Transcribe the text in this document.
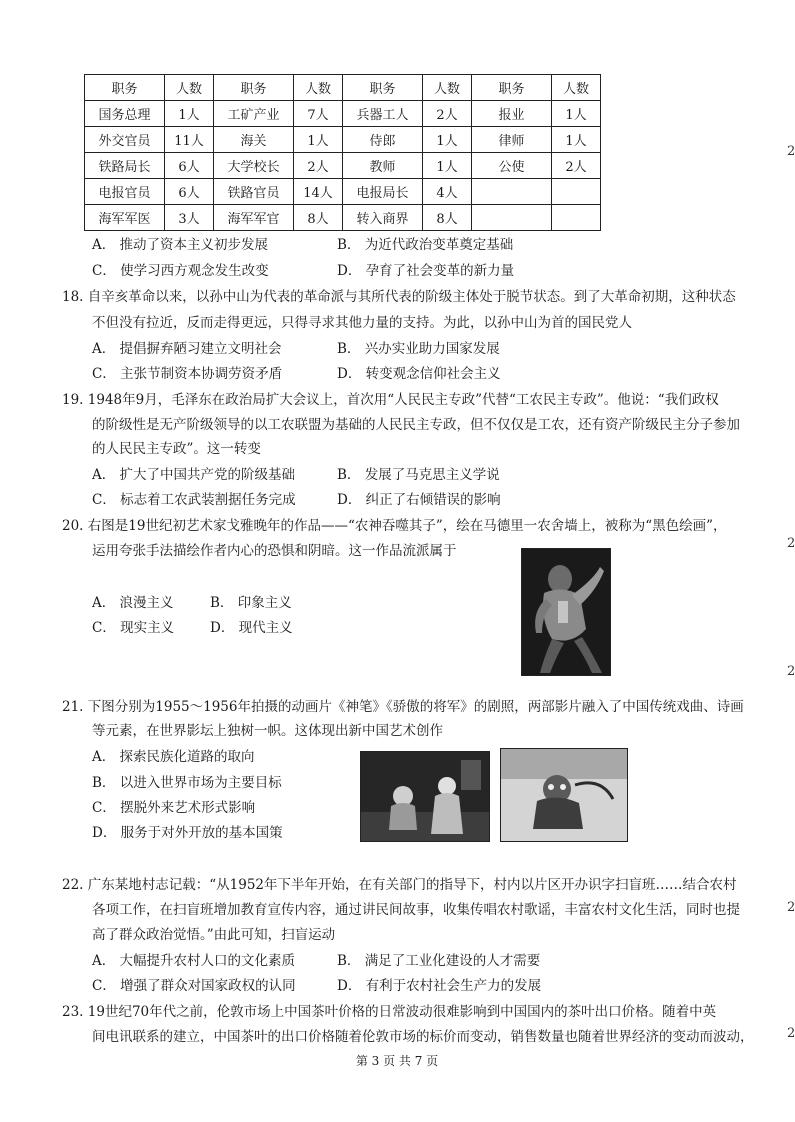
职务	人数	职务	人数	职务	人数	职务	人数
国务总理	1人	工矿产业	7人	兵器工人	2人	报业	1人
外交官员	11人	海关	1人	侍郎	1人	律师	1人
铁路局长	6人	大学校长	2人	教师	1人	公使	2人
电报官员	6人	铁路官员	14人	电报局长	4人		
海军军医	3人	海军军官	8人	转入商界	8人		
A． 推动了资本主义初步发展	B． 为近代政治变革奠定基础
C． 使学习西方观念发生改变	D． 孕育了社会变革的新力量
18. 自辛亥革命以来，以孙中山为代表的革命派与其所代表的阶级主体处于脱节状态。到了大革命初期，这种状态
不但没有拉近，反而走得更远，只得寻求其他力量的支持。为此，以孙中山为首的国民党人
A． 提倡摒弃陋习建立文明社会	B． 兴办实业助力国家发展
C． 主张节制资本协调劳资矛盾	D． 转变观念信仰社会主义
19. 1948年9月，毛泽东在政治局扩大会议上，首次用“人民民主专政”代替“工农民主专政”。他说：“我们政权
的阶级性是无产阶级领导的以工农联盟为基础的人民民主专政，但不仅仅是工农，还有资产阶级民主分子参加
的人民民主专政”。这一转变
A． 扩大了中国共产党的阶级基础	B． 发展了马克思主义学说
C． 标志着工农武装割据任务完成	D． 纠正了右倾错误的影响
20. 右图是19世纪初艺术家戈雅晚年的作品——“农神吞噬其子”，绘在马德里一农舍墙上，被称为“黑色绘画”，
运用夸张手法描绘作者内心的恐惧和阴暗。这一作品流派属于
A． 浪漫主义	B． 印象主义
C． 现实主义	D． 现代主义
21. 下图分别为1955～1956年拍摄的动画片《神笔》《骄傲的将军》的剧照，两部影片融入了中国传统戏曲、诗画
等元素，在世界影坛上独树一帜。这体现出新中国艺术创作
A． 探索民族化道路的取向
B． 以进入世界市场为主要目标
C． 摆脱外来艺术形式影响
D． 服务于对外开放的基本国策
22. 广东某地村志记载：“从1952年下半年开始，在有关部门的指导下，村内以片区开办识字扫盲班……结合农村
各项工作，在扫盲班增加教育宣传内容，通过讲民间故事，收集传唱农村歌谣，丰富农村文化生活，同时也提
高了群众政治觉悟。”由此可知，扫盲运动
A． 大幅提升农村人口的文化素质	B． 满足了工业化建设的人才需要
C． 增强了群众对国家政权的认同	D． 有利于农村社会生产力的发展
23. 19世纪70年代之前，伦敦市场上中国茶叶价格的日常波动很难影响到中国国内的茶叶出口价格。随着中英
间电讯联系的建立，中国茶叶的出口价格随着伦敦市场的标价而变动，销售数量也随着世界经济的变动而波动，
第 3 页 共 7 页
2
2
2
2
2
